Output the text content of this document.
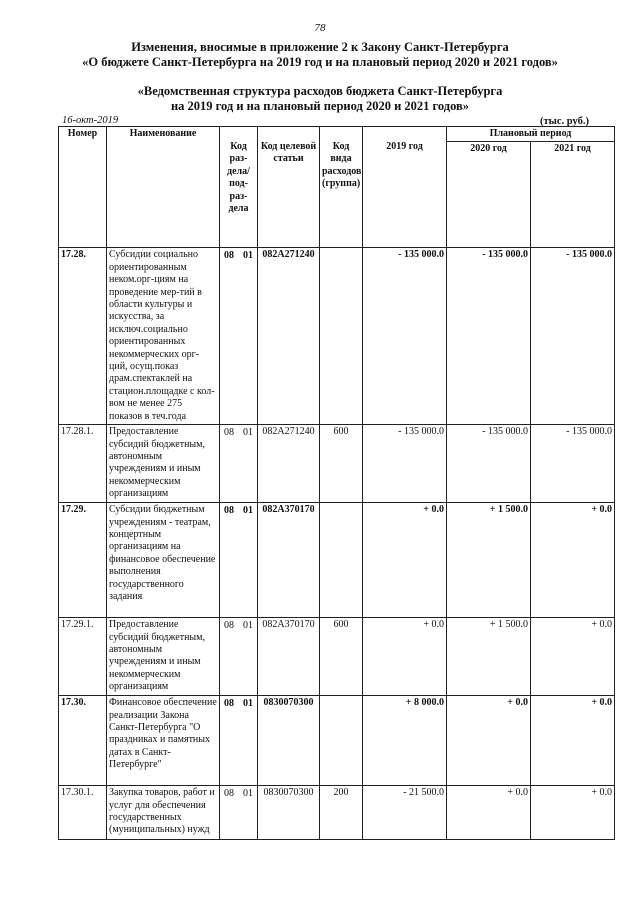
78
Изменения, вносимые в приложение 2 к Закону Санкт-Петербурга
«О бюджете Санкт-Петербурга на 2019 год и на плановый период 2020 и 2021 годов»
«Ведомственная структура расходов бюджета Санкт-Петербурга
на 2019 год и на плановый период 2020 и 2021 годов»
16-окт-2019	(тыс. руб.)
Номер	Наименование	Код раз- дела/ под- раз- дела	Код целевой статьи	Код вида расходов (группа)	2019 год	Плановый период	
						2020 год	2021 год
17.28.	Субсидии социально ориентированным неком.орг-циям на проведение мер-тий в области культуры и искусства, за исключ.социально ориентированных некоммерческих орг-ций, осущ.показ драм.спектаклей на стацион.площадке с кол-вом не менее 275 показов в теч.года	08 01	082А271240		- 135 000.0	- 135 000.0	- 135 000.0
17.28.1.	Предоставление субсидий бюджетным, автономным учреждениям и иным некоммерческим организациям	08 01	082А271240	600	- 135 000.0	- 135 000.0	- 135 000.0
17.29.	Субсидии бюджетным учреждениям - театрам, концертным организациям на финансовое обеспечение выполнения государственного задания	08 01	082А370170		+ 0.0	+ 1 500.0	+ 0.0
17.29.1.	Предоставление субсидий бюджетным, автономным учреждениям и иным некоммерческим организациям	08 01	082А370170	600	+ 0.0	+ 1 500.0	+ 0.0
17.30.	Финансовое обеспечение реализации Закона Санкт-Петербурга "О праздниках и памятных датах в Санкт-Петербурге"	08 01	0830070300		+ 8 000.0	+ 0.0	+ 0.0
17.30.1.	Закупка товаров, работ и услуг для обеспечения государственных (муниципальных) нужд	08 01	0830070300	200	- 21 500.0	+ 0.0	+ 0.0
